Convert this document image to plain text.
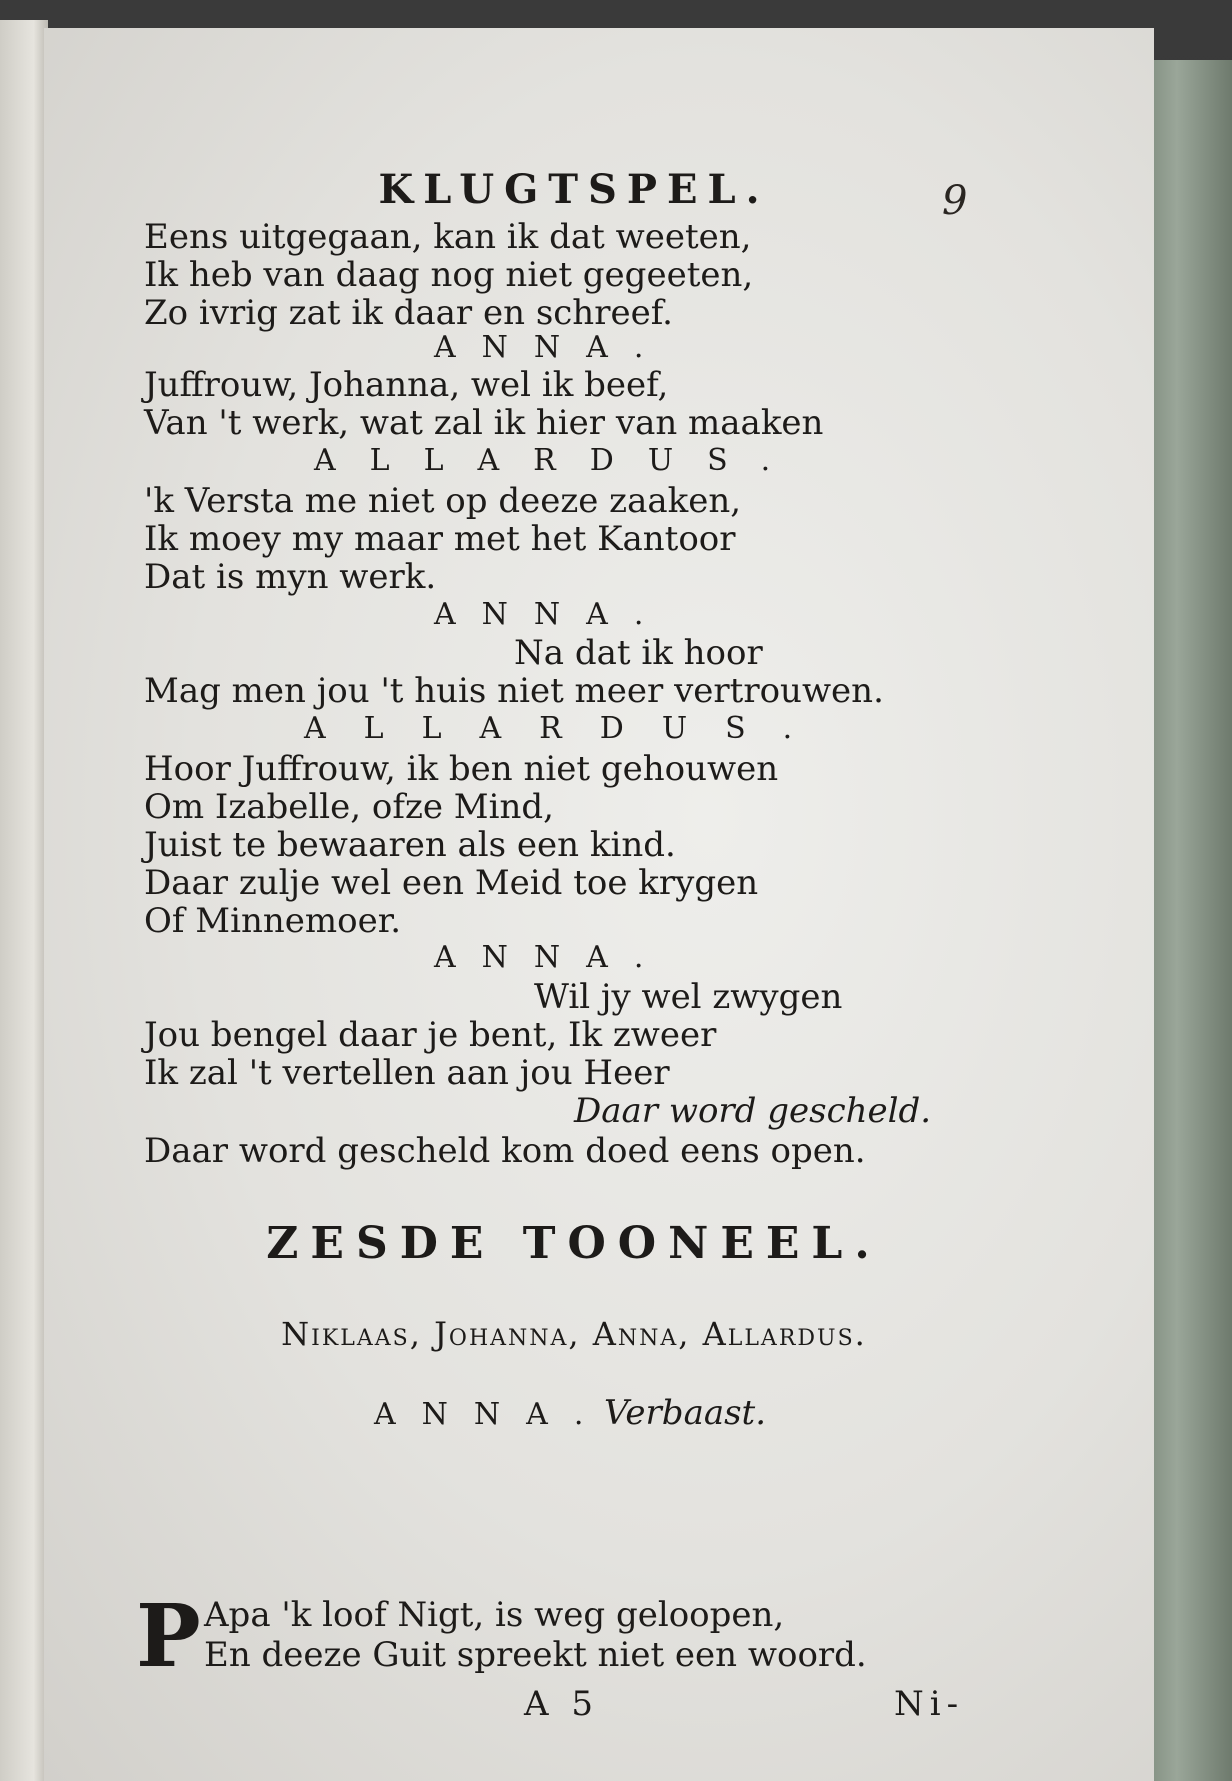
KLUGTSPEL.	9
Eens uitgegaan, kan ik dat weeten,
Ik heb van daag nog niet gegeeten,
Zo ivrig zat ik daar en schreef.
ANNA.
Juffrouw, Johanna, wel ik beef,
Van 't werk, wat zal ik hier van maaken
ALLARDUS.
'k Versta me niet op deeze zaaken,
Ik moey my maar met het Kantoor
Dat is myn werk.
ANNA.
Na dat ik hoor
Mag men jou 't huis niet meer vertrouwen.
ALLARDUS.
Hoor Juffrouw, ik ben niet gehouwen
Om Izabelle, ofze Mind,
Juist te bewaaren als een kind.
Daar zulje wel een Meid toe krygen
Of Minnemoer.
ANNA.
Wil jy wel zwygen
Jou bengel daar je bent, Ik zweer
Ik zal 't vertellen aan jou Heer
Daar word gescheld.
Daar word gescheld kom doed eens open.
ZESDE TOONEEL.
Niklaas, Johanna, Anna, Allardus.
ANNA.
Verbaast.
P Apa 'k loof Nigt, is weg geloopen,
En deeze Guit spreekt niet een woord.
A 5	Ni-
